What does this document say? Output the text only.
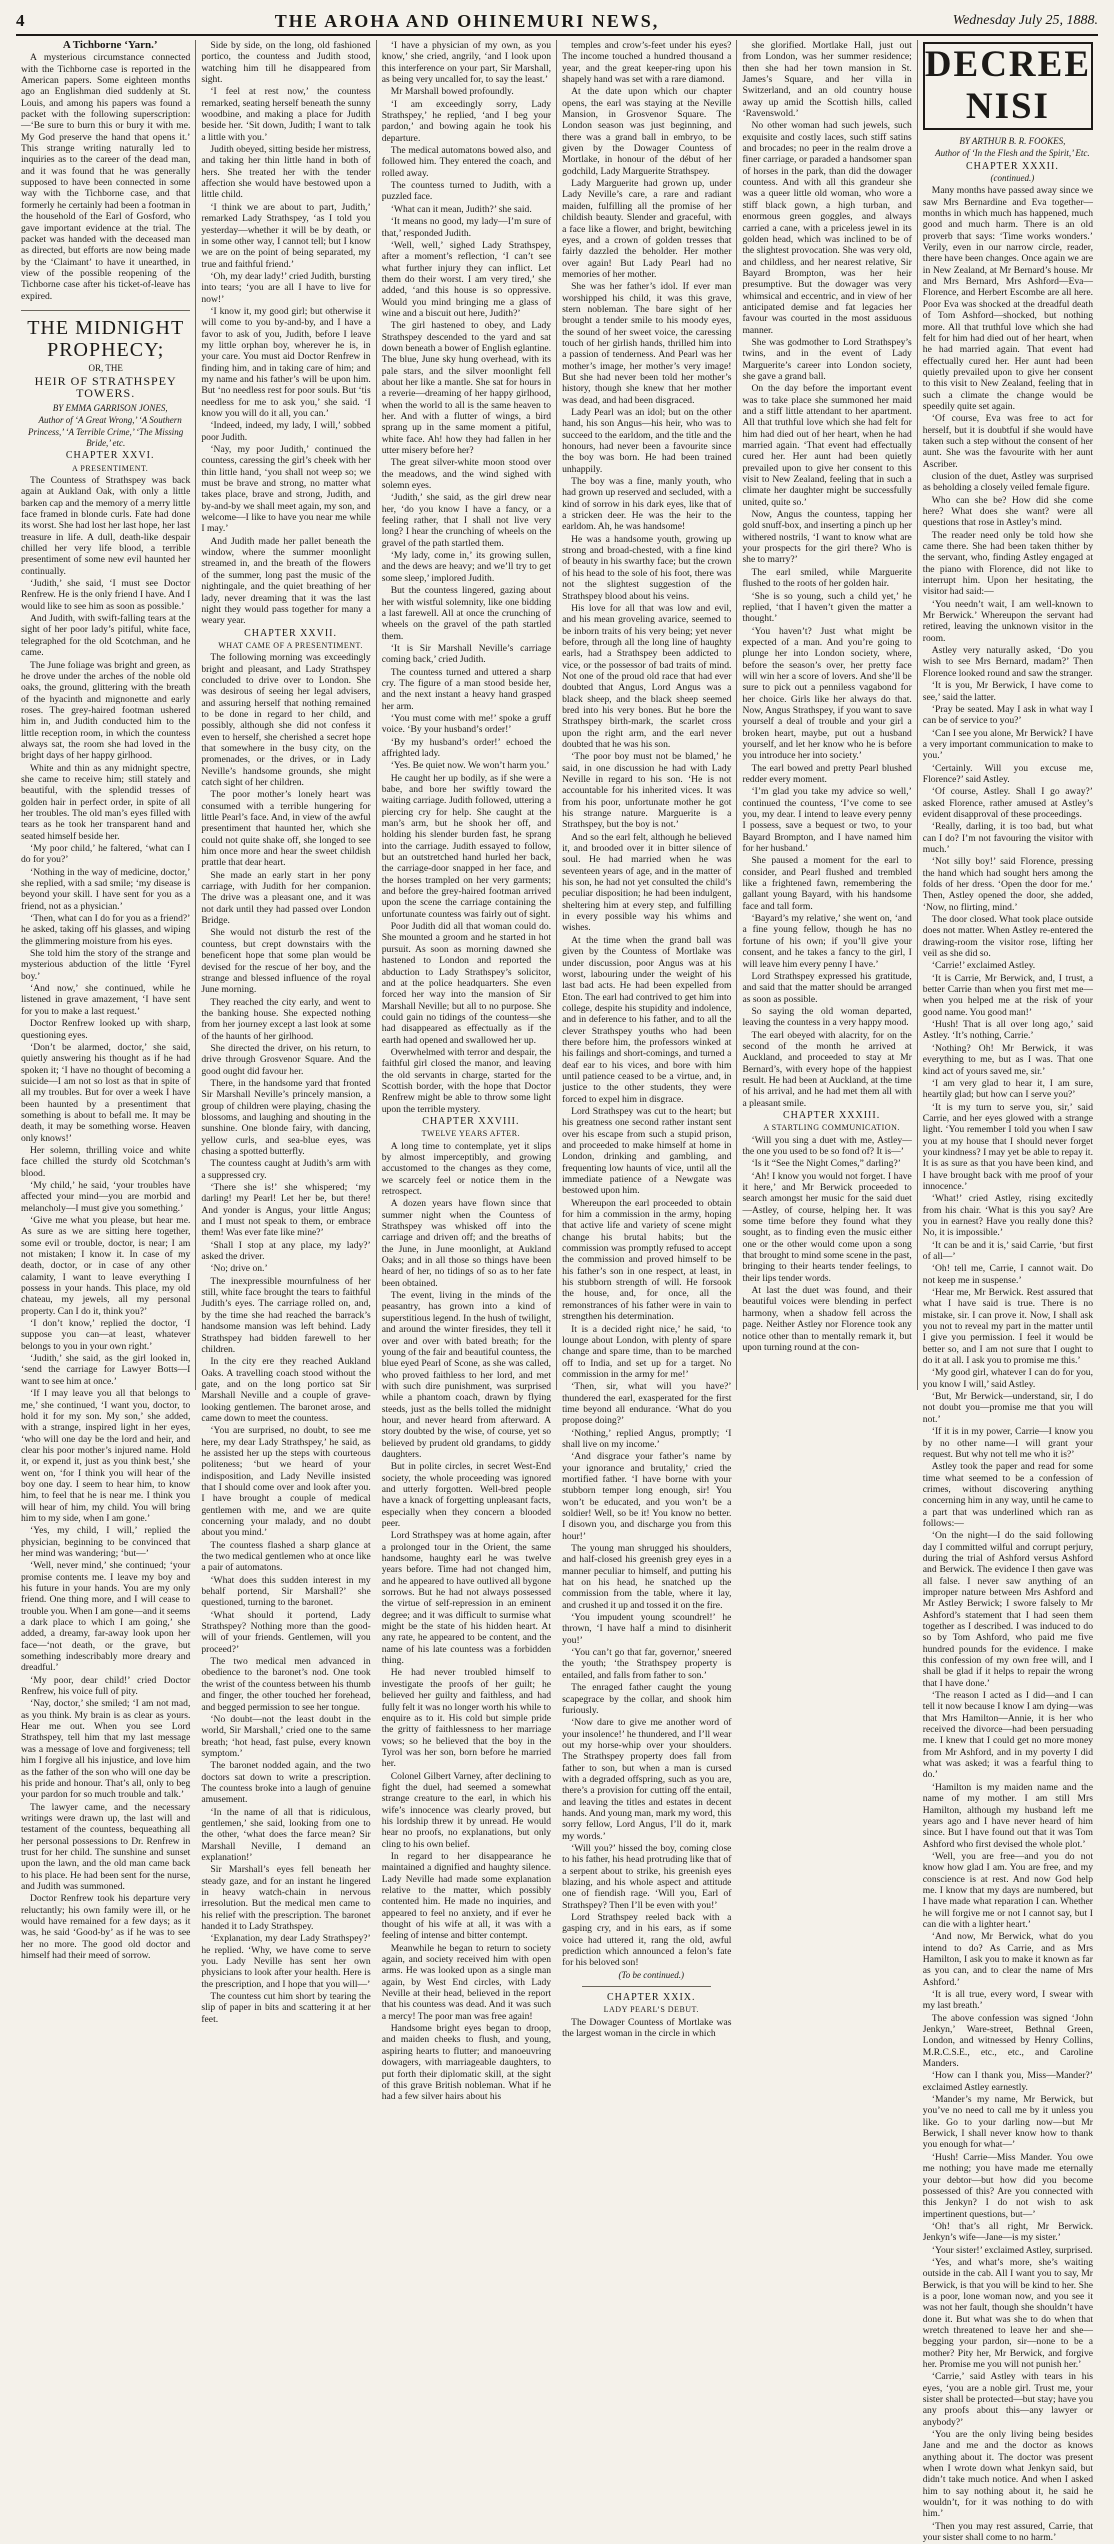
4	THE AROHA AND OHINEMURI NEWS,	Wednesday July 25, 1888.

A Tichborne ‘Yarn.’

A mysterious circumstance connected with the Tichborne case is reported in the American papers. Some eighteen months ago an Englishman died suddenly at St. Louis, and among his papers was found a packet with the following superscription:—‘Be sure to burn this or bury it with me. My God preserve the hand that opens it.’ This strange writing naturally led to inquiries as to the career of the dead man, and it was found that he was generally supposed to have been connected in some way with the Tichborne case, and that formerly he certainly had been a footman in the household of the Earl of Gosford, who gave important evidence at the trial. The packet was handed with the deceased man as directed, but efforts are now being made by the ‘Claimant’ to have it unearthed, in view of the possible reopening of the Tichborne case after his ticket-of-leave has expired.

THE MIDNIGHT PROPHECY;
OR, THE
HEIR OF STRATHSPEY TOWERS.

BY EMMA GARRISON JONES,

Author of ‘A Great Wrong,’ ‘A Southern Princess,’ ‘A Terrible Crime,’ ‘The Missing Bride,’ etc.

CHAPTER XXVI.

A PRESENTIMENT.

The Countess of Strathspey was back again at Aukland Oak, with only a little barken cap and the memory of a merry little face framed in blonde curls. Fate had done its worst. She had lost her last hope, her last treasure in life. A dull, death-like despair chilled her very life blood, a terrible presentiment of some new evil haunted her continually.

‘Judith,’ she said, ‘I must see Doctor Renfrew. He is the only friend I have. And I would like to see him as soon as possible.’

And Judith, with swift-falling tears at the sight of her poor lady’s pitiful, white face, telegraphed for the old Scotchman, and he came.

The June foliage was bright and green, as he drove under the arches of the noble old oaks, the ground, glittering with the breath of the hyacinth and mignonette and early roses. The grey-haired footman ushered him in, and Judith conducted him to the little reception room, in which the countess always sat, the room she had loved in the bright days of her happy girlhood.

White and thin as any midnight spectre, she came to receive him; still stately and beautiful, with the splendid tresses of golden hair in perfect order, in spite of all her troubles. The old man’s eyes filled with tears as he took her transparent hand and seated himself beside her.

‘My poor child,’ he faltered, ‘what can I do for you?’

‘Nothing in the way of medicine, doctor,’ she replied, with a sad smile; ‘my disease is beyond your skill. I have sent for you as a friend, not as a physician.’

‘Then, what can I do for you as a friend?’ he asked, taking off his glasses, and wiping the glimmering moisture from his eyes.

She told him the story of the strange and mysterious abduction of the little ‘Fyrel boy.’

‘And now,’ she continued, while he listened in grave amazement, ‘I have sent for you to make a last request.’

Doctor Renfrew looked up with sharp, questioning eyes.

‘Don’t be alarmed, doctor,’ she said, quietly answering his thought as if he had spoken it; ‘I have no thought of becoming a suicide—I am not so lost as that in spite of all my troubles. But for over a week I have been haunted by a presentiment that something is about to befall me. It may be death, it may be something worse. Heaven only knows!’

Her solemn, thrilling voice and white face chilled the sturdy old Scotchman’s blood.

‘My child,’ he said, ‘your troubles have affected your mind—you are morbid and melancholy—I must give you something.’

‘Give me what you please, but hear me. As sure as we are sitting here together, some evil or trouble, doctor, is near; I am not mistaken; I know it. In case of my death, doctor, or in case of any other calamity, I want to leave everything I possess in your hands. This place, my old chateau, my jewels, all my personal property. Can I do it, think you?’

‘I don’t know,’ replied the doctor, ‘I suppose you can—at least, whatever belongs to you in your own right.’

‘Judith,’ she said, as the girl looked in, ‘send the carriage for Lawyer Botts—I want to see him at once.’

‘If I may leave you all that belongs to me,’ she continued, ‘I want you, doctor, to hold it for my son. My son,’ she added, with a strange, inspired light in her eyes, ‘who will one day be the lord and heir, and clear his poor mother’s injured name. Hold it, or expend it, just as you think best,’ she went on, ‘for I think you will hear of the boy one day. I seem to hear him, to know him, to feel that he is near me. I think you will hear of him, my child. You will bring him to my side, when I am gone.’

‘Yes, my child, I will,’ replied the physician, beginning to be convinced that her mind was wandering; ‘but—’

‘Well, never mind,’ she continued; ‘your promise contents me. I leave my boy and his future in your hands. You are my only friend. One thing more, and I will cease to trouble you. When I am gone—and it seems a dark place to which I am going,’ she added, a dreamy, far-away look upon her face—‘not death, or the grave, but something indescribably more dreary and dreadful.’

‘My poor, dear child!’ cried Doctor Renfrew, his voice full of pity.

‘Nay, doctor,’ she smiled; ‘I am not mad, as you think. My brain is as clear as yours. Hear me out. When you see Lord Strathspey, tell him that my last message was a message of love and forgiveness; tell him I forgive all his injustice, and love him as the father of the son who will one day be his pride and honour. That’s all, only to beg your pardon for so much trouble and talk.’

The lawyer came, and the necessary writings were drawn up, the last will and testament of the countess, bequeathing all her personal possessions to Dr. Renfrew in trust for her child. The sunshine and sunset upon the lawn, and the old man came back to his place. He had been sent for the nurse, and Judith was summoned.

Doctor Renfrew took his departure very reluctantly; his own family were ill, or he would have remained for a few days; as it was, he said ‘Good-by’ as if he was to see her no more. The good old doctor and himself had their meed of sorrow.

Side by side, on the long, old fashioned portico, the countess and Judith stood, watching him till he disappeared from sight.

‘I feel at rest now,’ the countess remarked, seating herself beneath the sunny woodbine, and making a place for Judith beside her. ‘Sit down, Judith; I want to talk a little with you.’

Judith obeyed, sitting beside her mistress, and taking her thin little hand in both of hers. She treated her with the tender affection she would have bestowed upon a little child.

‘I think we are about to part, Judith,’ remarked Lady Strathspey, ‘as I told you yesterday—whether it will be by death, or in some other way, I cannot tell; but I know we are on the point of being separated, my true and faithful friend.’

‘Oh, my dear lady!’ cried Judith, bursting into tears; ‘you are all I have to live for now!’

‘I know it, my good girl; but otherwise it will come to you by-and-by, and I have a favor to ask of you, Judith, before I leave my little orphan boy, wherever he is, in your care. You must aid Doctor Renfrew in finding him, and in taking care of him; and my name and his father’s will be upon him. But ‘no needless rest for poor souls. But ‘tis needless for me to ask you,’ she said. ‘I know you will do it all, you can.’

‘Indeed, indeed, my lady, I will,’ sobbed poor Judith.

‘Nay, my poor Judith,’ continued the countess, caressing the girl’s cheek with her thin little hand, ‘you shall not weep so; we must be brave and strong, no matter what takes place, brave and strong, Judith, and by-and-by we shall meet again, my son, and welcome—I like to have you near me while I may.’

And Judith made her pallet beneath the window, where the summer moonlight streamed in, and the breath of the flowers of the summer, long past the music of the nightingale, and the quiet breathing of her lady, never dreaming that it was the last night they would pass together for many a weary year.

CHAPTER XXVII.

WHAT CAME OF A PRESENTIMENT.

The following morning was exceedingly bright and pleasant, and Lady Strathspey concluded to drive over to London. She was desirous of seeing her legal advisers, and assuring herself that nothing remained to be done in regard to her child, and possibly, although she did not confess it even to herself, she cherished a secret hope that somewhere in the busy city, on the promenades, or the drives, or in Lady Neville’s handsome grounds, she might catch sight of her children.

The poor mother’s lonely heart was consumed with a terrible hungering for little Pearl’s face. And, in view of the awful presentiment that haunted her, which she could not quite shake off, she longed to see him once more and hear the sweet childish prattle that dear heart.

She made an early start in her pony carriage, with Judith for her companion. The drive was a pleasant one, and it was not dark until they had passed over London Bridge.

She would not disturb the rest of the countess, but crept downstairs with the beneficent hope that some plan would be devised for the rescue of her boy, and the strange and blessed influence of the royal June morning.

They reached the city early, and went to the banking house. She expected nothing from her journey except a last look at some of the haunts of her girlhood.

She directed the driver, on his return, to drive through Grosvenor Square. And the good ought did favour her.

There, in the handsome yard that fronted Sir Marshall Neville’s princely mansion, a group of children were playing, chasing the blossoms, and laughing and shouting in the sunshine. One blonde fairy, with dancing, yellow curls, and sea-blue eyes, was chasing a spotted butterfly.

The countess caught at Judith’s arm with a suppressed cry.

‘There she is!’ she whispered; ‘my darling! my Pearl! Let her be, but there! And yonder is Angus, your little Angus; and I must not speak to them, or embrace them! Was ever fate like mine?’

‘Shall I stop at any place, my lady?’ asked the driver.

‘No; drive on.’

The inexpressible mournfulness of her still, white face brought the tears to faithful Judith’s eyes. The carriage rolled on, and, by the time she had reached the barrack’s handsome mansion was left behind. Lady Strathspey had bidden farewell to her children.

In the city ere they reached Aukland Oaks. A travelling coach stood without the gate, and on the long portico sat Sir Marshall Neville and a couple of grave-looking gentlemen. The baronet arose, and came down to meet the countess.

‘You are surprised, no doubt, to see me here, my dear Lady Strathspey,’ he said, as he assisted her up the steps with courteous politeness; ‘but we heard of your indisposition, and Lady Neville insisted that I should come over and look after you. I have brought a couple of medical gentlemen with me, and we are quite concerning your malady, and no doubt about you mind.’

The countess flashed a sharp glance at the two medical gentlemen who at once like a pair of automatons.

‘What does this sudden interest in my behalf portend, Sir Marshall?’ she questioned, turning to the baronet.

‘What should it portend, Lady Strathspey? Nothing more than the good-will of your friends. Gentlemen, will you proceed?’

The two medical men advanced in obedience to the baronet’s nod. One took the wrist of the countess between his thumb and finger, the other touched her forehead, and begged permission to see her tongue.

‘No doubt—not the least doubt in the world, Sir Marshall,’ cried one to the same breath; ‘hot head, fast pulse, every known symptom.’

The baronet nodded again, and the two doctors sat down to write a prescription. The countess broke into a laugh of genuine amusement.

‘In the name of all that is ridiculous, gentlemen,’ she said, looking from one to the other, ‘what does the farce mean? Sir Marshall Neville, I demand an explanation!’

Sir Marshall’s eyes fell beneath her steady gaze, and for an instant he lingered in heavy watch-chain in nervous irresolution. But the medical men came to his relief with the prescription. The baronet handed it to Lady Strathspey.

‘Explanation, my dear Lady Strathspey?’ he replied. ‘Why, we have come to serve you. Lady Neville has sent her own physicians to look after your health. Here is the prescription, and I hope that you will—’

The countess cut him short by tearing the slip of paper in bits and scattering it at her feet.

‘I have a physician of my own, as you know,’ she cried, angrily, ‘and I look upon this interference on your part, Sir Marshall, as being very uncalled for, to say the least.’

Mr Marshall bowed profoundly.

‘I am exceedingly sorry, Lady Strathspey,’ he replied, ‘and I beg your pardon,’ and bowing again he took his departure.

The medical automatons bowed also, and followed him. They entered the coach, and rolled away.

The countess turned to Judith, with a puzzled face.

‘What can it mean, Judith?’ she said.

‘It means no good, my lady—I’m sure of that,’ responded Judith.

‘Well, well,’ sighed Lady Strathspey, after a moment’s reflection, ‘I can’t see what further injury they can inflict. Let them do their worst. I am very tired,’ she added, ‘and this house is so oppressive. Would you mind bringing me a glass of wine and a biscuit out here, Judith?’

The girl hastened to obey, and Lady Strathspey descended to the yard and sat down beneath a bower of English eglantine. The blue, June sky hung overhead, with its pale stars, and the silver moonlight fell about her like a mantle. She sat for hours in a reverie—dreaming of her happy girlhood, when the world to all is the same heaven to her. And with a flutter of wings, a bird sprang up in the same moment a pitiful, white face. Ah! how they had fallen in her utter misery before her?

The great silver-white moon stood over the meadows, and the wind sighed with solemn eyes.

‘Judith,’ she said, as the girl drew near her, ‘do you know I have a fancy, or a feeling rather, that I shall not live very long? I hear the crunching of wheels on the gravel of the path startled them.

‘My lady, come in,’ its growing sullen, and the dews are heavy; and we’ll try to get some sleep,’ implored Judith.

But the countess lingered, gazing about her with wistful solemnity, like one bidding a last farewell. All at once the crunching of wheels on the gravel of the path startled them.

‘It is Sir Marshall Neville’s carriage coming back,’ cried Judith.

The countess turned and uttered a sharp cry. The figure of a man stood beside her, and the next instant a heavy hand grasped her arm.

‘You must come with me!’ spoke a gruff voice. ‘By your husband’s order!’

‘By my husband’s order!’ echoed the affrighted lady.

‘Yes. Be quiet now. We won’t harm you.’

He caught her up bodily, as if she were a babe, and bore her swiftly toward the waiting carriage. Judith followed, uttering a piercing cry for help. She caught at the man’s arm, but he shook her off, and holding his slender burden fast, he sprang into the carriage. Judith essayed to follow, but an outstretched hand hurled her back, the carriage-door snapped in her face, and the horses trampled on her very garments; and before the grey-haired footman arrived upon the scene the carriage containing the unfortunate countess was fairly out of sight.

Poor Judith did all that woman could do. She mounted a groom and he started in hot pursuit. As soon as morning dawned she hastened to London and reported the abduction to Lady Strathspey’s solicitor, and at the police headquarters. She even forced her way into the mansion of Sir Marshall Neville; but all to no purpose. She could gain no tidings of the countess—she had disappeared as effectually as if the earth had opened and swallowed her up.

Overwhelmed with terror and despair, the faithful girl closed the manor, and leaving the old servants in charge, started for the Scottish border, with the hope that Doctor Renfrew might be able to throw some light upon the terrible mystery.

CHAPTER XXVIII.

TWELVE YEARS AFTER.

A long time to contemplate, yet it slips by almost imperceptibly, and growing accustomed to the changes as they come, we scarcely feel or notice them in the retrospect.

A dozen years have flown since that summer night when the Countess of Strathspey was whisked off into the carriage and driven off; and the breaths of the June, in June moonlight, at Aukland Oaks; and in all those so things have been heard of her, no tidings of so as to her fate been obtained.

The event, living in the minds of the peasantry, has grown into a kind of superstitious legend. In the hush of twilight, and around the winter firesides, they tell it over and over with bated breath; for the young of the fair and beautiful countess, the blue eyed Pearl of Scone, as she was called, who proved faithless to her lord, and met with such dire punishment, was surprised while a phantom coach, drawn by flying steeds, just as the bells tolled the midnight hour, and never heard from afterward. A story doubted by the wise, of course, yet so believed by prudent old grandams, to giddy daughters.

But in polite circles, in secret West-End society, the whole proceeding was ignored and utterly forgotten. Well-bred people have a knack of forgetting unpleasant facts, especially when they concern a blooded peer.

Lord Strathspey was at home again, after a prolonged tour in the Orient, the same handsome, haughty earl he was twelve years before. Time had not changed him, and he appeared to have outlived all bygone sorrows. But he had not always possessed the virtue of self-repression in an eminent degree; and it was difficult to surmise what might be the state of his hidden heart. At any rate, he appeared to be content, and the name of his late countess was a forbidden thing.

He had never troubled himself to investigate the proofs of her guilt; he believed her guilty and faithless, and had fully felt it was no longer worth his while to enquire as to it. His cold but simple pride the gritty of faithlessness to her marriage vows; so he believed that the boy in the Tyrol was her son, born before he married her.

Colonel Gilbert Varney, after declining to fight the duel, had seemed a somewhat strange creature to the earl, in which his wife’s innocence was clearly proved, but his lordship threw it by unread. He would hear no proofs, no explanations, but only cling to his own belief.

In regard to her disappearance he maintained a dignified and haughty silence. Lady Neville had made some explanation relative to the matter, which possibly contented him. He made no inquiries, and appeared to feel no anxiety, and if ever he thought of his wife at all, it was with a feeling of intense and bitter contempt.

Meanwhile he began to return to society again, and society received him with open arms. He was looked upon as a single man again, by West End circles, with Lady Neville at their head, believed in the report that his countess was dead. And it was such a mercy! The poor man was free again!

Handsome bright eyes began to droop, and maiden cheeks to flush, and young, aspiring hearts to flutter; and manoeuvring dowagers, with marriageable daughters, to put forth their diplomatic skill, at the sight of this grave British nobleman. What if he had a few silver hairs about his

temples and crow’s-feet under his eyes? The income touched a hundred thousand a year, and the great keeper-ring upon his shapely hand was set with a rare diamond.

At the date upon which our chapter opens, the earl was staying at the Neville Mansion, in Grosvenor Square. The London season was just beginning, and there was a grand ball in embryo, to be given by the Dowager Countess of Mortlake, in honour of the début of her godchild, Lady Marguerite Strathspey.

Lady Marguerite had grown up, under Lady Neville’s care, a rare and radiant maiden, fulfilling all the promise of her childish beauty. Slender and graceful, with a face like a flower, and bright, bewitching eyes, and a crown of golden tresses that fairly dazzled the beholder. Her mother over again! But Lady Pearl had no memories of her mother.

She was her father’s idol. If ever man worshipped his child, it was this grave, stern nobleman. The bare sight of her brought a tender smile to his moody eyes, the sound of her sweet voice, the caressing touch of her girlish hands, thrilled him into a passion of tenderness. And Pearl was her mother’s image, her mother’s very image! But she had never been told her mother’s history, though she knew that her mother was dead, and had been disgraced.

Lady Pearl was an idol; but on the other hand, his son Angus—his heir, who was to succeed to the earldom, and the title and the honours, had never been a favourite since the boy was born. He had been trained unhappily.

The boy was a fine, manly youth, who had grown up reserved and secluded, with a kind of sorrow in his dark eyes, like that of a stricken deer. He was the heir to the earldom. Ah, he was handsome!

He was a handsome youth, growing up strong and broad-chested, with a fine kind of beauty in his swarthy face; but the crown of his head to the sole of his foot, there was not the slightest suggestion of the Strathspey blood about his veins.

His love for all that was low and evil, and his mean groveling avarice, seemed to be inborn traits of his very being; yet never before, through all the long line of haughty earls, had a Strathspey been addicted to vice, or the possessor of bad traits of mind. Not one of the proud old race that had ever doubted that Angus, Lord Angus was a black sheep, and the black sheep seemed bred into his very bones. But he bore the Strathspey birth-mark, the scarlet cross upon the right arm, and the earl never doubted that he was his son.

‘The poor boy must not be blamed,’ he said, in one discussion he had with Lady Neville in regard to his son. ‘He is not accountable for his inherited vices. It was from his poor, unfortunate mother he got his strange nature. Marguerite is a Strathspey, but the boy is not.’

And so the earl felt, although he believed it, and brooded over it in bitter silence of soul. He had married when he was seventeen years of age, and in the matter of his son, he had not yet consulted the child’s peculiar disposition; he had been indulgent, sheltering him at every step, and fulfilling in every possible way his whims and wishes.

At the time when the grand ball was given by the Countess of Mortlake was under discussion, poor Angus was at his worst, labouring under the weight of his last bad acts. He had been expelled from Eton. The earl had contrived to get him into college, despite his stupidity and indolence, and in deference to his father, and to all the clever Strathspey youths who had been there before him, the professors winked at his failings and short-comings, and turned a deaf ear to his vices, and bore with him until patience ceased to be a virtue, and, in justice to the other students, they were forced to expel him in disgrace.

Lord Strathspey was cut to the heart; but his greatness one second rather instant sent over his escape from such a stupid prison, and proceeded to make himself at home in London, drinking and gambling, and frequenting low haunts of vice, until all the immediate patience of a Newgate was bestowed upon him.

Whereupon the earl proceeded to obtain for him a commission in the army, hoping that active life and variety of scene might change his brutal habits; but the commission was promptly refused to accept the commission and proved himself to be his father’s son in one respect, at least, in his stubborn strength of will. He forsook the house, and, for once, all the remonstrances of his father were in vain to strengthen his determination.

It is a decided right nice,’ he said, ‘to lounge about London, with plenty of spare change and spare time, than to be marched off to India, and set up for a target. No commission in the army for me!’

‘Then, sir, what will you have?’ thundered the earl, exasperated for the first time beyond all endurance. ‘What do you propose doing?’

‘Nothing,’ replied Angus, promptly; ‘I shall live on my income.’

‘And disgrace your father’s name by your ignorance and brutality,’ cried the mortified father. ‘I have borne with your stubborn temper long enough, sir! You won’t be educated, and you won’t be a soldier! Well, so be it! You know no better. I disown you, and discharge you from this hour!’

The young man shrugged his shoulders, and half-closed his greenish grey eyes in a manner peculiar to himself, and putting his hat on his head, he snatched up the commission from the table, where it lay, and crushed it up and tossed it on the fire.

‘You impudent young scoundrel!’ he thrown, ‘I have half a mind to disinherit you!’

‘You can’t go that far, governor,’ sneered the youth; ‘the Strathspey property is entailed, and falls from father to son.’

The enraged father caught the young scapegrace by the collar, and shook him furiously.

‘Now dare to give me another word of your insolence!’ he thundered, and I’ll wear out my horse-whip over your shoulders. The Strathspey property does fall from father to son, but when a man is cursed with a degraded offspring, such as you are, there’s a provision for cutting off the entail, and leaving the titles and estates in decent hands. And young man, mark my word, this sorry fellow, Lord Angus, I’ll do it, mark my words.’

‘Will you?’ hissed the boy, coming close to his father, his head protruding like that of a serpent about to strike, his greenish eyes blazing, and his whole aspect and attitude one of fiendish rage. ‘Will you, Earl of Strathspey? Then I’ll be even with you!’

Lord Strathspey reeled back with a gasping cry, and in his ears, as if some voice had uttered it, rang the old, awful prediction which announced a felon’s fate for his beloved son!

(To be continued.)

CHAPTER XXIX.

LADY PEARL’S DEBUT.

The Dowager Countess of Mortlake was the largest woman in the circle in which

she glorified. Mortlake Hall, just out from London, was her summer residence; then she had her town mansion in St. James’s Square, and her villa in Switzerland, and an old country house away up amid the Scottish hills, called ‘Ravenswold.’

No other woman had such jewels, such exquisite and costly laces, such stiff satins and brocades; no peer in the realm drove a finer carriage, or paraded a handsomer span of horses in the park, than did the dowager countess. And with all this grandeur she was a queer little old woman, who wore a stiff black gown, a high turban, and enormous green goggles, and always carried a cane, with a priceless jewel in its golden head, which was inclined to be of the slightest provocation. She was very old, and childless, and her nearest relative, Sir Bayard Brompton, was her heir presumptive. But the dowager was very whimsical and eccentric, and in view of her anticipated demise and fat legacies her favour was courted in the most assiduous manner.

She was godmother to Lord Strathspey’s twins, and in the event of Lady Marguerite’s career into London society, she gave a grand ball.

On the day before the important event was to take place she summoned her maid and a stiff little attendant to her apartment. All that truthful love which she had felt for him had died out of her heart, when he had married again. ‘That event had effectually cured her. Her aunt had been quietly prevailed upon to give her consent to this visit to New Zealand, feeling that in such a climate her daughter might be successfully united, quite so.’

Now, Angus the countess, tapping her gold snuff-box, and inserting a pinch up her withered nostrils, ‘I want to know what are your prospects for the girl there? Who is she to marry?’

The earl smiled, while Marguerite flushed to the roots of her golden hair.

‘She is so young, such a child yet,’ he replied, ‘that I haven’t given the matter a thought.’

‘You haven’t? Just what might be expected of a man. And you’re going to plunge her into London society, where, before the season’s over, her pretty face will win her a score of lovers. And she’ll be sure to pick out a penniless vagabond for her choice. Girls like her always do that. Now, Angus Strathspey, if you want to save yourself a deal of trouble and your girl a broken heart, maybe, put out a husband yourself, and let her know who he is before you introduce her into society.’

The earl bowed and pretty Pearl blushed redder every moment.

‘I’m glad you take my advice so well,’ continued the countess, ‘I’ve come to see you, my dear. I intend to leave every penny I possess, save a bequest or two, to your Bayard Brompton, and I have named him for her husband.’

She paused a moment for the earl to consider, and Pearl flushed and trembled like a frightened fawn, remembering the gallant young Bayard, with his handsome face and tall form.

‘Bayard’s my relative,’ she went on, ‘and a fine young fellow, though he has no fortune of his own; if you’ll give your consent, and he takes a fancy to the girl, I will leave him every penny I have.’

Lord Strathspey expressed his gratitude, and said that the matter should be arranged as soon as possible.

So saying the old woman departed, leaving the countess in a very happy mood.

The earl obeyed with alacrity, for on the second of the month he arrived at Auckland, and proceeded to stay at Mr Bernard’s, with every hope of the happiest result. He had been at Auckland, at the time of his arrival, and he had met them all with a pleasant smile.

CHAPTER XXXIII.

A STARTLING COMMUNICATION.

‘Will you sing a duet with me, Astley—the one you used to be so fond of? It is—’

‘Is it “See the Night Comes,” darling?’

‘Ah! I know you would not forget. I have it here,’ and Mr Berwick proceeded to search amongst her music for the said duet—Astley, of course, helping her. It was some time before they found what they sought, as to finding even the music either one or the other would come upon a song that brought to mind some scene in the past, bringing to their hearts tender feelings, to their lips tender words.

At last the duet was found, and their beautiful voices were blending in perfect harmony, when a shadow fell across the page. Neither Astley nor Florence took any notice other than to mentally remark it, but upon turning round at the con-

DECREE NISI

BY ARTHUR B. R. FOOKES,

Author of ‘In the Flesh and the Spirit,’ Etc.

CHAPTER XXXII.

(continued.)

Many months have passed away since we saw Mrs Bernardine and Eva together—months in which much has happened, much good and much harm. There is an old proverb that says: ‘Time works wonders.’ Verily, even in our narrow circle, reader, there have been changes. Once again we are in New Zealand, at Mr Bernard’s house. Mr and Mrs Bernard, Mrs Ashford—Eva—Florence, and Herbert Escombe are all here. Poor Eva was shocked at the dreadful death of Tom Ashford—shocked, but nothing more. All that truthful love which she had felt for him had died out of her heart, when he had married again. That event had effectually cured her. Her aunt had been quietly prevailed upon to give her consent to this visit to New Zealand, feeling that in such a climate the change would be speedily quite set again.

‘Of course, Eva was free to act for herself, but it is doubtful if she would have taken such a step without the consent of her aunt. She was the favourite with her aunt Ascriber.

clusion of the duet, Astley was surprised as beholding a closely veiled female figure.

Who can she be? How did she come here? What does she want? were all questions that rose in Astley’s mind.

The reader need only be told how she came there. She had been taken thither by the servant, who, finding Astley engaged at the piano with Florence, did not like to interrupt him. Upon her hesitating, the visitor had said:—

‘You needn’t wait, I am well-known to Mr Berwick.’ Whereupon the servant had retired, leaving the unknown visitor in the room.

Astley very naturally asked, ‘Do you wish to see Mrs Bernard, madam?’ Then Florence looked round and saw the stranger.

‘It is you, Mr Berwick, I have come to see,’ said the latter.

‘Pray be seated. May I ask in what way I can be of service to you?’

‘Can I see you alone, Mr Berwick? I have a very important communication to make to you.’

‘Certainly. Will you excuse me, Florence?’ said Astley.

‘Of course, Astley. Shall I go away?’ asked Florence, rather amused at Astley’s evident disapproval of these proceedings.

‘Really, darling, it is too bad, but what can I do? I’m not favouring the visitor with much.’

‘Not silly boy!’ said Florence, pressing the hand which had sought hers among the folds of her dress. ‘Open the door for me.’ Then, Astley opened the door, she added, ‘Now, no flirting, mind.’

The door closed. What took place outside does not matter. When Astley re-entered the drawing-room the visitor rose, lifting her veil as she did so.

‘Carrie!’ exclaimed Astley.

‘It is Carrie, Mr Berwick, and, I trust, a better Carrie than when you first met me—when you helped me at the risk of your good name. You good man!’

‘Hush! That is all over long ago,’ said Astley. ‘It’s nothing, Carrie.’

‘Nothing? Oh! Mr Berwick, it was everything to me, but as I was. That one kind act of yours saved me, sir.’

‘I am very glad to hear it, I am sure, heartily glad; but how can I serve you?’

‘It is my turn to serve you, sir,’ said Carrie, and her eyes glowed with a strange light. ‘You remember I told you when I saw you at my house that I should never forget your kindness? I may yet be able to repay it. It is as sure as that you have been kind, and I have brought back with me proof of your innocence.’

‘What!’ cried Astley, rising excitedly from his chair. ‘What is this you say? Are you in earnest? Have you really done this? No, it is impossible.’

‘It can be and it is,’ said Carrie, ‘but first of all—’

‘Oh! tell me, Carrie, I cannot wait. Do not keep me in suspense.’

‘Hear me, Mr Berwick. Rest assured that what I have said is true. There is no mistake, sir. I can prove it. Now, I shall ask you not to reveal my part in the matter until I give you permission. I feel it would be better so, and I am not sure that I ought to do it at all. I ask you to promise me this.’

‘My good girl, whatever I can do for you, you know I will,’ said Astley.

‘But, Mr Berwick—understand, sir, I do not doubt you—promise me that you will not.’

‘If it is in my power, Carrie—I know you by no other name—I will grant your request. But why not tell me who it is?’

Astley took the paper and read for some time what seemed to be a confession of crimes, without discovering anything concerning him in any way, until he came to a part that was underlined which ran as follows:—

‘On the night—I do the said following day I committed wilful and corrupt perjury, during the trial of Ashford versus Ashford and Berwick. The evidence I then gave was all false. I never saw anything of an improper nature between Mrs Ashford and Mr Astley Berwick; I swore falsely to Mr Ashford’s statement that I had seen them together as I described. I was induced to do so by Tom Ashford, who paid me five hundred pounds for the evidence. I make this confession of my own free will, and I shall be glad if it helps to repair the wrong that I have done.’

‘The reason I acted as I did—and I can tell it now because I know I am dying—was that Mrs Hamilton—Annie, it is her who received the divorce—had been persuading me. I knew that I could get no more money from Mr Ashford, and in my poverty I did what was asked; it was a fearful thing to do.’

‘Hamilton is my maiden name and the name of my mother. I am still Mrs Hamilton, although my husband left me years ago and I have never heard of him since. But I have found out that it was Tom Ashford who first devised the whole plot.’

‘Well, you are free—and you do not know how glad I am. You are free, and my conscience is at rest. And now God help me. I know that my days are numbered, but I have made what reparation I can. Whether he will forgive me or not I cannot say, but I can die with a lighter heart.’

‘And now, Mr Berwick, what do you intend to do? As Carrie, and as Mrs Hamilton, I ask you to make it known as far as you can, and to clear the name of Mrs Ashford.’

‘It is all true, every word, I swear with my last breath.’

The above confession was signed ‘John Jenkyn,’ Ware-street, Bethnal Green, London, and witnessed by Henry Collins, M.R.C.S.E., etc., etc., and Caroline Manders.

‘How can I thank you, Miss—Mander?’ exclaimed Astley earnestly.

‘Mander’s my name, Mr Berwick, but you’ve no need to call me by it unless you like. Go to your darling now—but Mr Berwick, I shall never know how to thank you enough for what—’

‘Hush! Carrie—Miss Mander. You owe me nothing; you have made me eternally your debtor—but how did you become possessed of this? Are you connected with this Jenkyn? I do not wish to ask impertinent questions, but—’

‘Oh! that’s all right, Mr Berwick. Jenkyn’s wife—Jane—is my sister.’

‘Your sister!’ exclaimed Astley, surprised.

‘Yes, and what’s more, she’s waiting outside in the cab. All I want you to say, Mr Berwick, is that you will be kind to her. She is a poor, lone woman now, and you see it was not her fault, though she shouldn’t have done it. But what was she to do when that wretch threatened to leave her and she—begging your pardon, sir—none to be a mother? Pity her, Mr Berwick, and forgive her. Promise me you will not punish her.’

‘Carrie,’ said Astley with tears in his eyes, ‘you are a noble girl. Trust me, your sister shall be protected—but stay; have you any proofs about this—any lawyer or anybody?’

‘You are the only living being besides Jane and me and the doctor as knows anything about it. The doctor was present when I wrote down what Jenkyn said, but didn’t take much notice. And when I asked him to say nothing about it, he said he wouldn’t, for it was nothing to do with him.’

‘Then you may rest assured, Carrie, that your sister shall come to no harm.’
